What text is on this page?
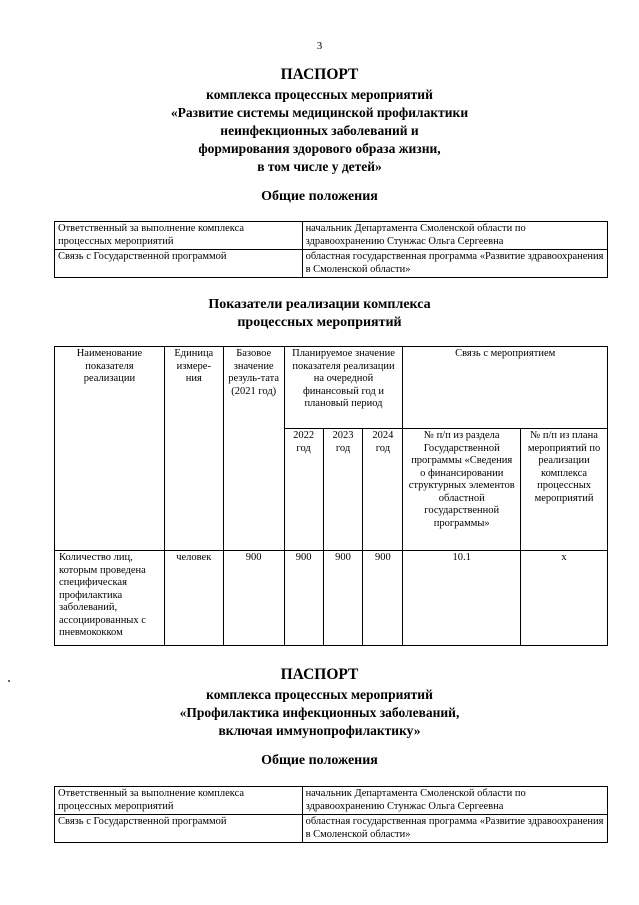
3
ПАСПОРТ
комплекса процессных мероприятий
«Развитие системы медицинской профилактики
неинфекционных заболеваний и
формирования здорового образа жизни,
в том числе у детей»
Общие положения
Ответственный за выполнение комплекса процессных мероприятий	начальник Департамента Смоленской области по здравоохранению Стунжас Ольга Сергеевна
Связь с Государственной программой	областная государственная программа «Развитие здравоохранения в Смоленской области»
Показатели реализации комплекса
процессных мероприятий
Наименование показателя реализации	Единица измере-ния	Базовое значение резуль-тата (2021 год)	Планируемое значение показателя реализации на очередной финансовый год и плановый период			Связь с мероприятием	
			2022 год	2023 год	2024 год	№ п/п из раздела Государственной программы «Сведения о финансировании структурных элементов областной государственной программы»	№ п/п из плана мероприятий по реализации комплекса процессных мероприятий
Количество лиц, которым проведена специфическая профилактика заболеваний, ассоциированных с пневмококком	человек	900	900	900	900	10.1	х
ПАСПОРТ
комплекса процессных мероприятий
«Профилактика инфекционных заболеваний,
включая иммунопрофилактику»
Общие положения
Ответственный за выполнение комплекса процессных мероприятий	начальник Департамента Смоленской области по здравоохранению Стунжас Ольга Сергеевна
Связь с Государственной программой	областная государственная программа «Развитие здравоохранения в Смоленской области»
